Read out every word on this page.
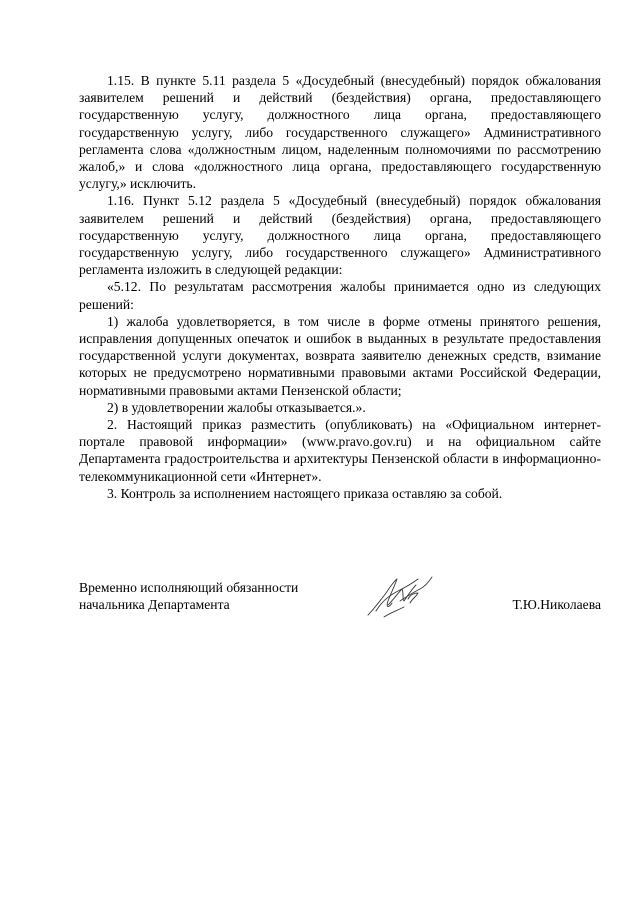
1.15. В пункте 5.11 раздела 5 «Досудебный (внесудебный) порядок обжалования заявителем решений и действий (бездействия) органа, предоставляющего государственную услугу, должностного лица органа, предоставляющего государственную услугу, либо государственного служащего» Административного регламента слова «должностным лицом, наделенным полномочиями по рассмотрению жалоб,» и слова «должностного лица органа, предоставляющего государственную услугу,» исключить.

1.16. Пункт 5.12 раздела 5 «Досудебный (внесудебный) порядок обжалования заявителем решений и действий (бездействия) органа, предоставляющего государственную услугу, должностного лица органа, предоставляющего государственную услугу, либо государственного служащего» Административного регламента изложить в следующей редакции:

«5.12. По результатам рассмотрения жалобы принимается одно из следующих решений:

1) жалоба удовлетворяется, в том числе в форме отмены принятого решения, исправления допущенных опечаток и ошибок в выданных в результате предоставления государственной услуги документах, возврата заявителю денежных средств, взимание которых не предусмотрено нормативными правовыми актами Российской Федерации, нормативными правовыми актами Пензенской области;

2) в удовлетворении жалобы отказывается.».

2. Настоящий приказ разместить (опубликовать) на «Официальном интернет-портале правовой информации» (www.pravo.gov.ru) и на официальном сайте Департамента градостроительства и архитектуры Пензенской области в информационно-телекоммуникационной сети «Интернет».

3. Контроль за исполнением настоящего приказа оставляю за собой.

Временно исполняющий обязанности
начальника Департамента	Т.Ю.Николаева
